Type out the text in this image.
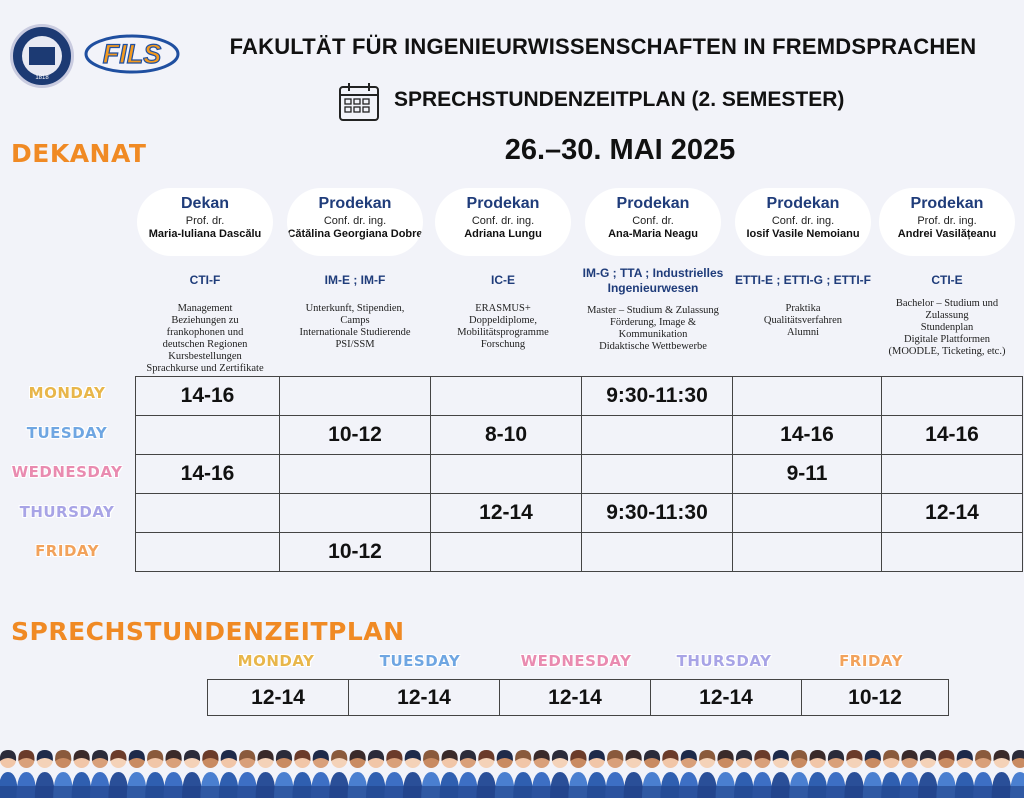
1818
FILS	FAKULTÄT FÜR INGENIEURWISSENSCHAFTEN IN FREMDSPRACHEN
SPRECHSTUNDENZEITPLAN (2. SEMESTER)
26.–30. MAI 2025
DEKANAT
Dekan
Prof. dr.
Maria-Iuliana Dascălu
CTI-F
Management
Beziehungen zu
frankophonen und
deutschen Regionen
Kursbestellungen
Sprachkurse und Zertifikate
Prodekan
Conf. dr. ing.
Cătălina Georgiana Dobre
IM-E ; IM-F
Unterkunft, Stipendien,
Camps
Internationale Studierende
PSI/SSM
Prodekan
Conf. dr. ing.
Adriana Lungu
IC-E
ERASMUS+
Doppeldiplome,
Mobilitätsprogramme
Forschung
Prodekan
Conf. dr.
Ana-Maria Neagu
IM-G ; TTA ; Industrielles Ingenieurwesen
Master – Studium & Zulassung
Förderung, Image &
Kommunikation
Didaktische Wettbewerbe
Prodekan
Conf. dr. ing.
Iosif Vasile Nemoianu
ETTI-E ; ETTI-G ; ETTI-F
Praktika
Qualitätsverfahren
Alumni
Prodekan
Prof. dr. ing.
Andrei Vasilățeanu
CTI-E
Bachelor – Studium und
Zulassung
Stundenplan
Digitale Plattformen
(MOODLE, Ticketing, etc.)
MONDAY
TUESDAY
WEDNESDAY
THURSDAY
FRIDAY
14-16			9:30-11:30		
	10-12	8-10		14-16	14-16
14-16				9-11	
		12-14	9:30-11:30		12-14
	10-12				
SPRECHSTUNDENZEITPLAN
MONDAY	TUESDAY	WEDNESDAY	THURSDAY	FRIDAY
12-14	12-14	12-14	12-14	10-12
